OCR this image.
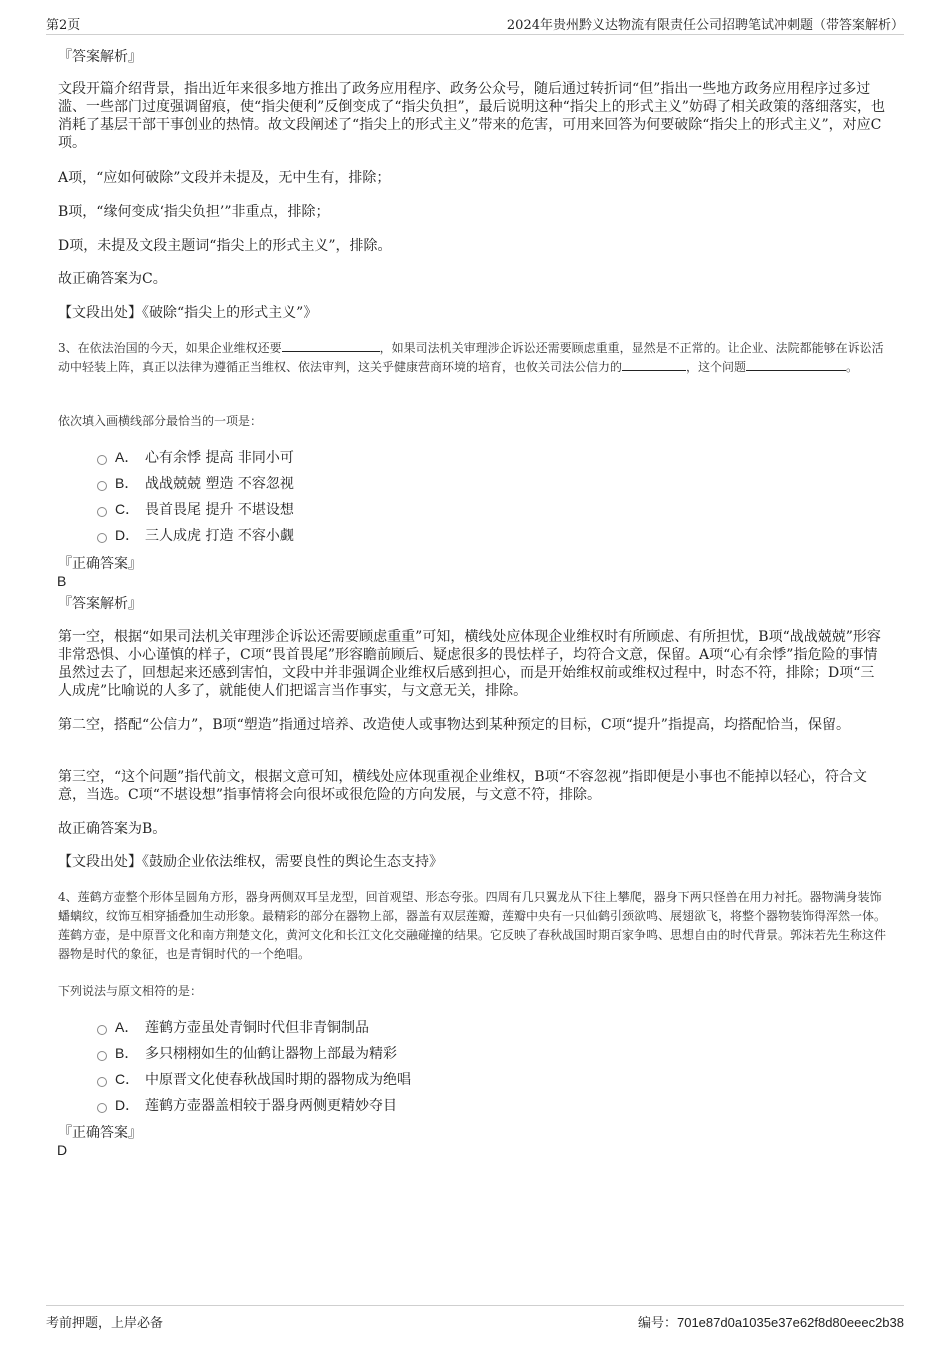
第2页	2024年贵州黔义达物流有限责任公司招聘笔试冲刺题（带答案解析）
『答案解析』
文段开篇介绍背景，指出近年来很多地方推出了政务应用程序、政务公众号，随后通过转折词“但”指出一些地方政务应用程序过多过滥、一些部门过度强调留痕，使“指尖便利”反倒变成了“指尖负担”，最后说明这种“指尖上的形式主义”妨碍了相关政策的落细落实，也消耗了基层干部干事创业的热情。故文段阐述了“指尖上的形式主义”带来的危害，可用来回答为何要破除“指尖上的形式主义”，对应C项。
A项，“应如何破除”文段并未提及，无中生有，排除；
B项，“缘何变成‘指尖负担’”非重点，排除；
D项，未提及文段主题词“指尖上的形式主义”，排除。
故正确答案为C。
【文段出处】《破除“指尖上的形式主义”》
3、在依法治国的今天，如果企业维权还要	，如果司法机关审理涉企诉讼还需要顾虑重重，显然是不正常的。让企业、法院都能够在诉讼活动中轻装上阵，真正以法律为遵循正当维权、依法审判，这关乎健康营商环境的培育，也攸关司法公信力的	，这个问题	。
依次填入画横线部分最恰当的一项是：
A． 心有余悸 提高 非同小可
B． 战战兢兢 塑造 不容忽视
C． 畏首畏尾 提升 不堪设想
D． 三人成虎 打造 不容小觑
『正确答案』
B
『答案解析』
第一空，根据“如果司法机关审理涉企诉讼还需要顾虑重重”可知，横线处应体现企业维权时有所顾虑、有所担忧，B项“战战兢兢”形容非常恐惧、小心谨慎的样子，C项“畏首畏尾”形容瞻前顾后、疑虑很多的畏怯样子，均符合文意，保留。A项“心有余悸”指危险的事情虽然过去了，回想起来还感到害怕，文段中并非强调企业维权后感到担心，而是开始维权前或维权过程中，时态不符，排除；D项“三人成虎”比喻说的人多了，就能使人们把谣言当作事实，与文意无关，排除。
第二空，搭配“公信力”，B项“塑造”指通过培养、改造使人或事物达到某种预定的目标，C项“提升”指提高，均搭配恰当，保留。
第三空，“这个问题”指代前文，根据文意可知，横线处应体现重视企业维权，B项“不容忽视”指即便是小事也不能掉以轻心，符合文意，当选。C项“不堪设想”指事情将会向很坏或很危险的方向发展，与文意不符，排除。
故正确答案为B。
【文段出处】《鼓励企业依法维权，需要良性的舆论生态支持》
4、莲鹤方壶整个形体呈圆角方形，器身两侧双耳呈龙型，回首观望、形态夸张。四周有几只翼龙从下往上攀爬，器身下两只怪兽在用力衬托。器物满身装饰蟠螭纹，纹饰互相穿插叠加生动形象。最精彩的部分在器物上部，器盖有双层莲瓣，莲瓣中央有一只仙鹤引颈欲鸣、展翅欲飞，将整个器物装饰得浑然一体。莲鹤方壶，是中原晋文化和南方荆楚文化，黄河文化和长江文化交融碰撞的结果。它反映了春秋战国时期百家争鸣、思想自由的时代背景。郭沫若先生称这件器物是时代的象征，也是青铜时代的一个绝唱。
下列说法与原文相符的是：
A． 莲鹤方壶虽处青铜时代但非青铜制品
B． 多只栩栩如生的仙鹤让器物上部最为精彩
C． 中原晋文化使春秋战国时期的器物成为绝唱
D． 莲鹤方壶器盖相较于器身两侧更精妙夺目
『正确答案』
D
考前押题，上岸必备	编号：701e87d0a1035e37e62f8d80eeec2b38
